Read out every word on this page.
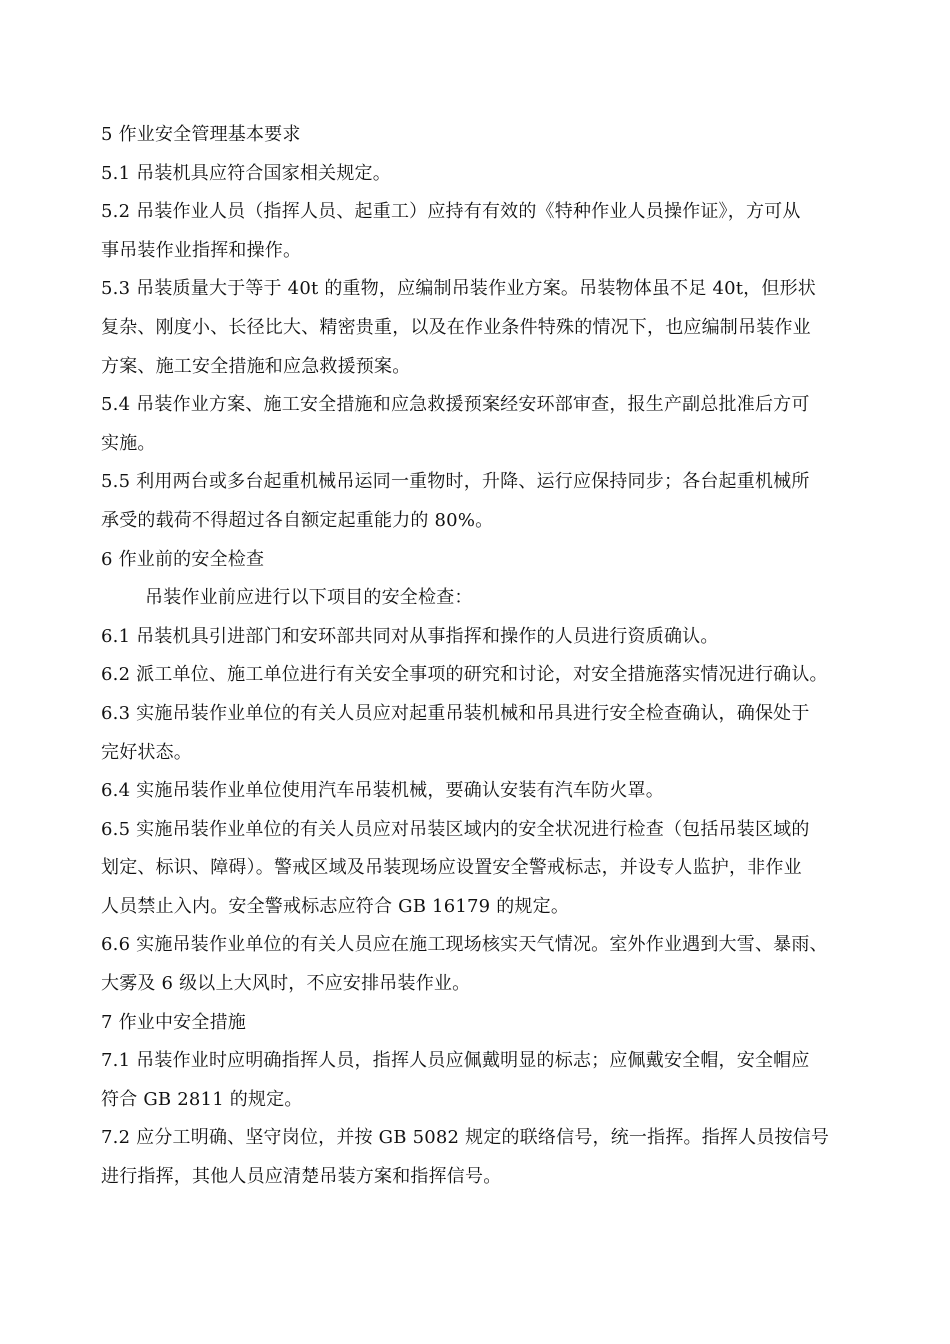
5 作业安全管理基本要求
5.1 吊装机具应符合国家相关规定。
5.2 吊装作业人员（指挥人员、起重工）应持有有效的《特种作业人员操作证》，方可从
事吊装作业指挥和操作。
5.3 吊装质量大于等于 40t 的重物，应编制吊装作业方案。吊装物体虽不足 40t，但形状
复杂、刚度小、长径比大、精密贵重，以及在作业条件特殊的情况下，也应编制吊装作业
方案、施工安全措施和应急救援预案。
5.4 吊装作业方案、施工安全措施和应急救援预案经安环部审查，报生产副总批准后方可
实施。
5.5 利用两台或多台起重机械吊运同一重物时，升降、运行应保持同步；各台起重机械所
承受的载荷不得超过各自额定起重能力的 80%。
6 作业前的安全检查
吊装作业前应进行以下项目的安全检查：
6.1 吊装机具引进部门和安环部共同对从事指挥和操作的人员进行资质确认。
6.2 派工单位、施工单位进行有关安全事项的研究和讨论，对安全措施落实情况进行确认。
6.3 实施吊装作业单位的有关人员应对起重吊装机械和吊具进行安全检查确认，确保处于
完好状态。
6.4 实施吊装作业单位使用汽车吊装机械，要确认安装有汽车防火罩。
6.5 实施吊装作业单位的有关人员应对吊装区域内的安全状况进行检查（包括吊装区域的
划定、标识、障碍）。警戒区域及吊装现场应设置安全警戒标志，并设专人监护，非作业
人员禁止入内。安全警戒标志应符合 GB 16179 的规定。
6.6 实施吊装作业单位的有关人员应在施工现场核实天气情况。室外作业遇到大雪、暴雨、
大雾及 6 级以上大风时，不应安排吊装作业。
7 作业中安全措施
7.1 吊装作业时应明确指挥人员，指挥人员应佩戴明显的标志；应佩戴安全帽，安全帽应
符合 GB 2811 的规定。
7.2 应分工明确、坚守岗位，并按 GB 5082 规定的联络信号，统一指挥。指挥人员按信号
进行指挥，其他人员应清楚吊装方案和指挥信号。
